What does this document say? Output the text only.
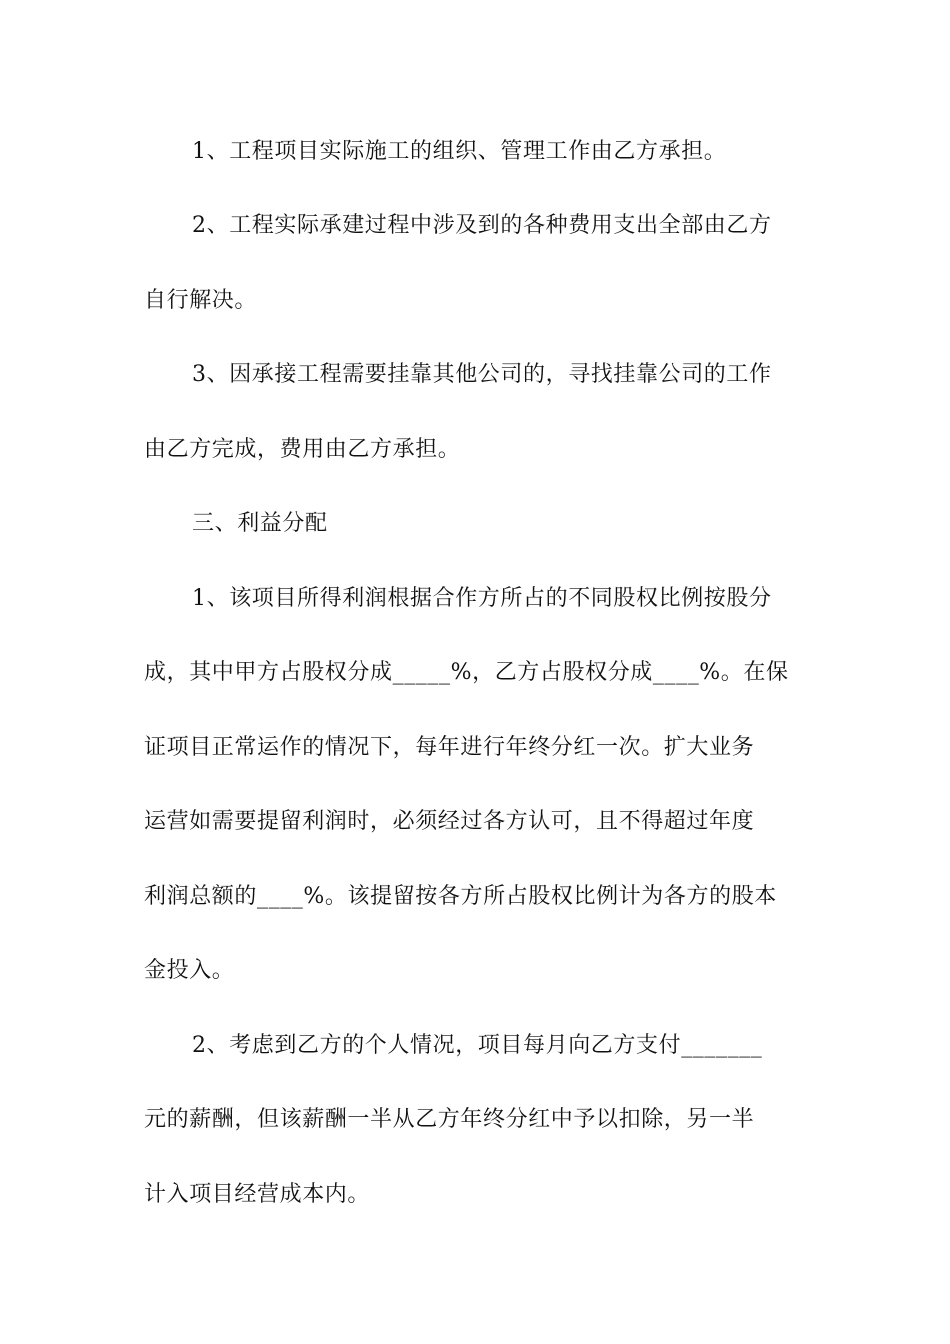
1、工程项目实际施工的组织、管理工作由乙方承担。
2、工程实际承建过程中涉及到的各种费用支出全部由乙方
自行解决。
3、因承接工程需要挂靠其他公司的，寻找挂靠公司的工作
由乙方完成，费用由乙方承担。
三、利益分配
1、该项目所得利润根据合作方所占的不同股权比例按股分
成，其中甲方占股权分成_____%，乙方占股权分成____%。在保
证项目正常运作的情况下，每年进行年终分红一次。扩大业务
运营如需要提留利润时，必须经过各方认可，且不得超过年度
利润总额的____%。该提留按各方所占股权比例计为各方的股本
金投入。
2、考虑到乙方的个人情况，项目每月向乙方支付_______
元的薪酬，但该薪酬一半从乙方年终分红中予以扣除，另一半
计入项目经营成本内。
